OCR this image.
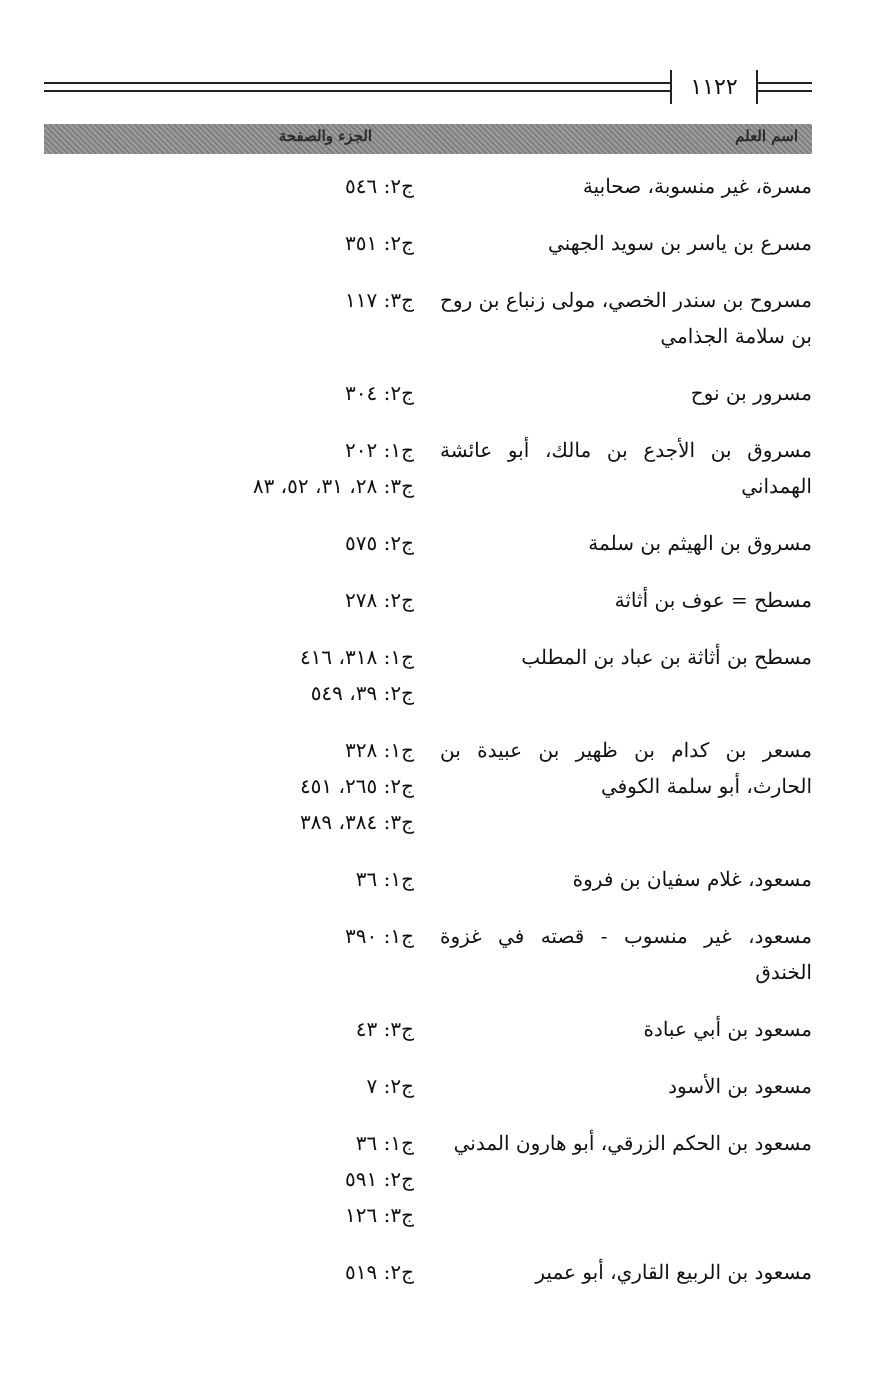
١١٢٢
اسم العلم
الجزء والصفحة
مسرة، غير منسوبة، صحابية
ج٢: ٥٤٦
مسرع بن ياسر بن سويد الجهني
ج٢: ٣٥١
مسروح بن سندر الخصي، مولى زنباع بن روح بن سلامة الجذامي
ج٣: ١١٧
مسرور بن نوح
ج٢: ٣٠٤
مسروق بن الأجدع بن مالك، أبو عائشة الهمداني
ج١: ٢٠٢
ج٣: ٢٨، ٣١، ٥٢، ٨٣
مسروق بن الهيثم بن سلمة
ج٢: ٥٧٥
مسطح = عوف بن أثاثة
ج٢: ٢٧٨
مسطح بن أثاثة بن عباد بن المطلب
ج١: ٣١٨، ٤١٦
ج٢: ٣٩، ٥٤٩
مسعر بن كدام بن ظهير بن عبيدة بن الحارث، أبو سلمة الكوفي
ج١: ٣٢٨
ج٢: ٢٦٥، ٤٥١
ج٣: ٣٨٤، ٣٨٩
مسعود، غلام سفيان بن فروة
ج١: ٣٦
مسعود، غير منسوب - قصته في غزوة الخندق
ج١: ٣٩٠
مسعود بن أبي عبادة
ج٣: ٤٣
مسعود بن الأسود
ج٢: ٧
مسعود بن الحكم الزرقي، أبو هارون المدني
ج١: ٣٦
ج٢: ٥٩١
ج٣: ١٢٦
مسعود بن الربيع القاري، أبو عمير
ج٢: ٥١٩
